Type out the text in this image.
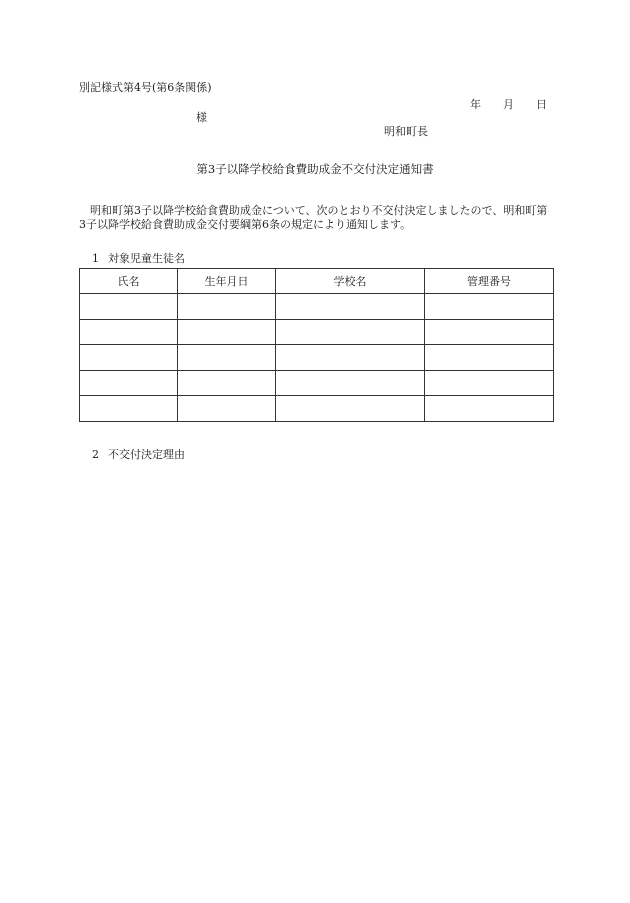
別記様式第4号(第6条関係)
年 月 日
様
明和町長
第3子以降学校給食費助成金不交付決定通知書
明和町第3子以降学校給食費助成金について、次のとおり不交付決定しましたので、明和町第3子以降学校給食費助成金交付要綱第6条の規定により通知します。
1 対象児童生徒名
氏名	生年月日	学校名	管理番号

2 不交付決定理由
